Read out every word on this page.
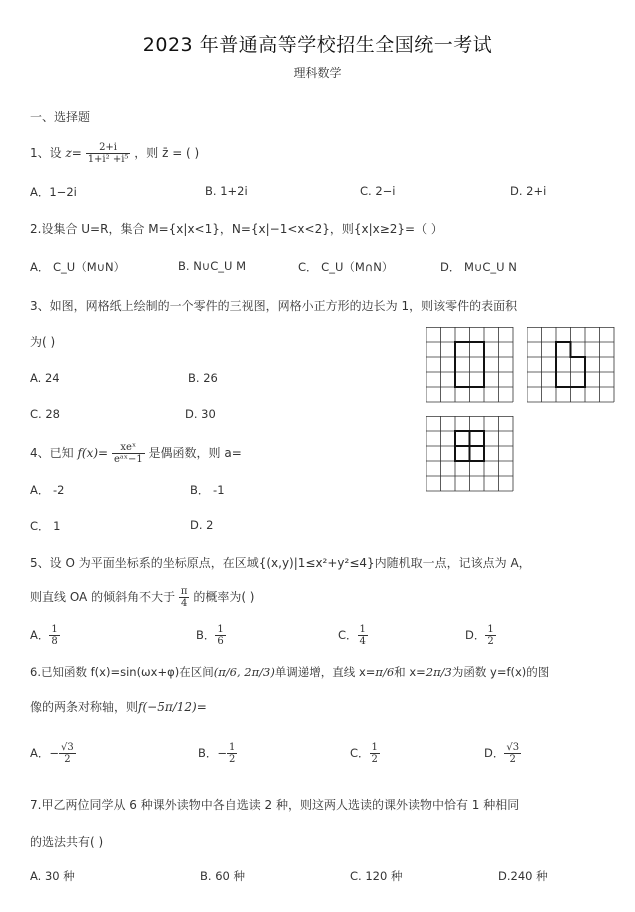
2023 年普通高等学校招生全国统一考试
理科数学
一、选择题
1、设 $z= \frac{2+i}{\text{1+i² +i⁵}}$ ，则 z̄ = ( )
A．1−2i	B. 1+2i	C. 2−i	D. 2+i
2.设集合 U=R，集合 M={x|x<1}，N={x|−1<x<2}，则{x|x≥2}=（ ）
A． C_U（M∪N）	B. N∪C_U M	C． C_U（M∩N）	D． M∪C_U N
3、如图，网格纸上绘制的一个零件的三视图，网格小正方形的边长为 1，则该零件的表面积
为( )
A. 24	B. 26
C. 28	D. 30
4、已知 $f(x)= \frac{\text{xeˣ}}{\text{eᵃˣ−1}}$ 是偶函数，则 a=
A． -2	B． -1
C． 1	D. 2
5、设 O 为平面坐标系的坐标原点，在区域{(x,y)|1≤x²+y²≤4}内随机取一点，记该点为 A，
则直线 OA 的倾斜角不大于 $\frac{\pi}{4}$ 的概率为( )
A． $\frac{1}{8}$	B． $\frac{1}{6}$	C． $\frac{1}{4}$	D． $\frac{1}{2}$
6.已知函数 f(x)=sin(ωx+φ)在区间(π/6, 2π/3)单调递增，直线 x=π/6和 x=2π/3为函数 y=f(x)的图
像的两条对称轴，则f(−5π/12)=
A．− $\frac{√3}{2}$	B．− $\frac{1}{2}$	C． $\frac{1}{2}$	D． $\frac{√3}{2}$
7.甲乙两位同学从 6 种课外读物中各自选读 2 种，则这两人选读的课外读物中恰有 1 种相同
的选法共有( )
A. 30 种	B. 60 种	C. 120 种	D.240 种
